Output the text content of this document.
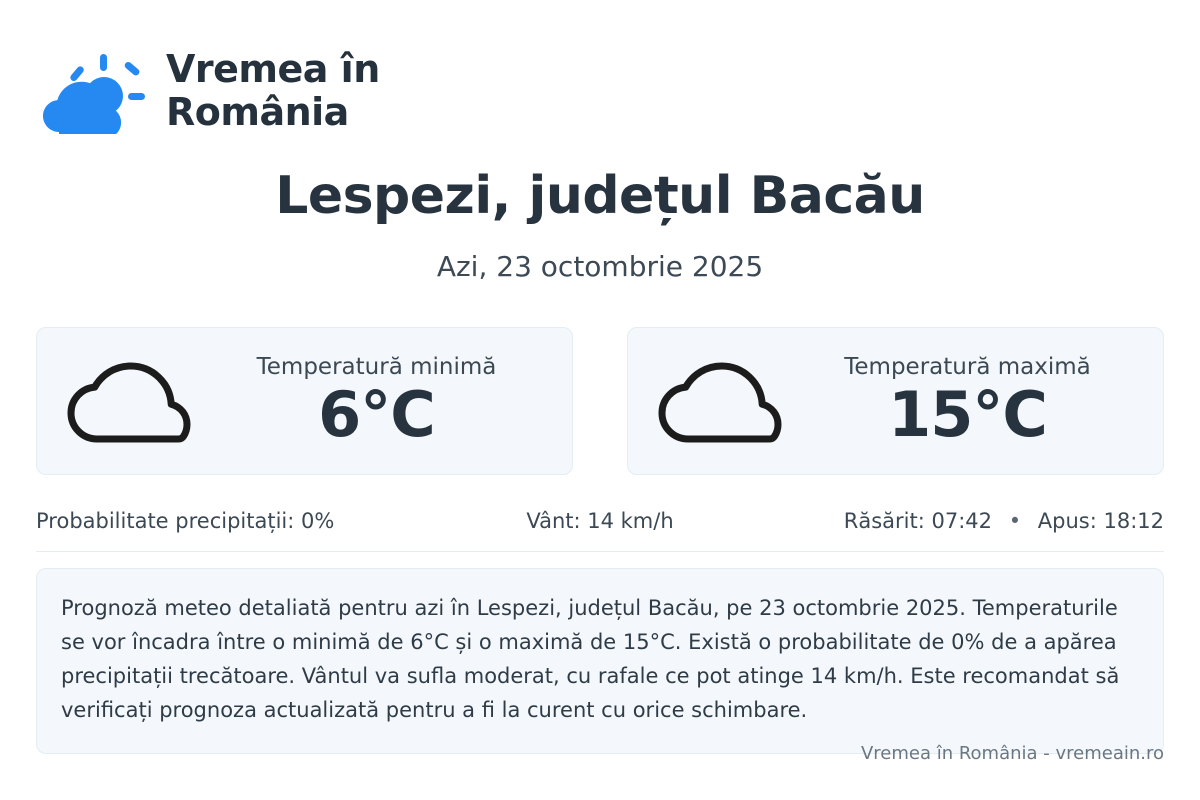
Vremea în
România
Lespezi, județul Bacău
Azi, 23 octombrie 2025
Temperatură minimă
6°C
Temperatură maximă
15°C
Probabilitate precipitații: 0%	Vânt: 14 km/h	Răsărit: 07:42 • Apus: 18:12
Prognoză meteo detaliată pentru azi în Lespezi, județul Bacău, pe 23 octombrie 2025. Temperaturile se vor încadra între o minimă de 6°C și o maximă de 15°C. Există o probabilitate de 0% de a apărea precipitații trecătoare. Vântul va sufla moderat, cu rafale ce pot atinge 14 km/h. Este recomandat să verificați prognoza actualizată pentru a fi la curent cu orice schimbare.
Vremea în România - vremeain.ro
